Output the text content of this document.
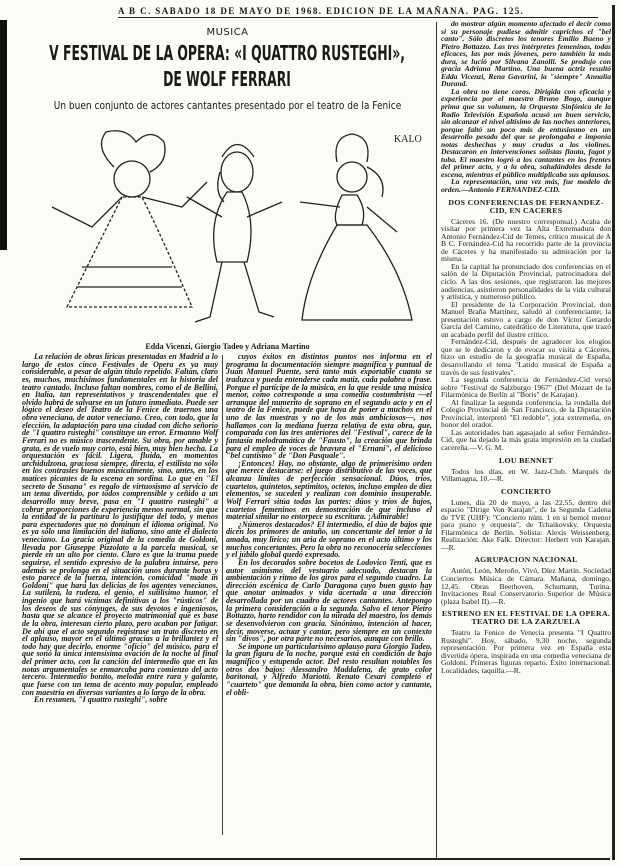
A B C. SABADO 18 DE MAYO DE 1968. EDICION DE LA MAÑANA. PAG. 125.
MUSICA
V FESTIVAL DE LA OPERA: «I QUATTRO RUSTEGHI»,
DE WOLF FERRARI
Un buen conjunto de actores cantantes presentado por el teatro de la Fenice
KALO
Edda Vicenzi, Giorgio Tadeo y Adriana Martino

La relación de obras líricas presentadas en Madrid a lo largo de estos cinco Festivales de Opera es ya muy considerable, a pesar de algún título repetido. Faltan, claro es, muchos, muchísimos fundamentales en la historia del teatro cantado. Incluso faltan nombres, como el de Bellini, en Italia, tan representativos y trascendentales que el olvido habrá de salvarse en un futuro inmediato. Puede ser lógico el deseo del Teatro de la Fenice de traernos una obra veneciana, de autor veneciano. Creo, con todo, que la elección, la adaptación para una ciudad con dicho señorío de "I quattro rusteghi" constituye un error. Ermanno Wolf Ferrari no es músico trascendente. Su obra, por amable y grata, es de vuelo muy corto, está bien, muy bien hecha. La orquestación es fácil. Ligera, fluida, en momentos archidulzona, graciosa siempre, directa, el estilista no sólo en los contrastes buenos musicalmente, sino, antes, en los matices picantes de la escena en sordina. Lo que en "El secreto de Susana" es regalo de virtuosismo al servicio de un tema divertido, por todos comprensible y ceñido a un desarrollo muy breve, pasa en "I quattro rusteghi" a cobrar proporciones de experiencia menos normal, sin que la entidad de la partitura lo justifique del todo, y menos para espectadores que no dominan el idioma original. No es ya sólo una limitación del italiano, sino ante el dialecto veneciano. La gracia original de la comedia de Goldoni, llevada por Giuseppe Pizzolato a la parcela musical, se pierde en un alto por ciento. Claro es que la trama puede seguirse, el sentido expresivo de la palabra intuirse, pero además se prolonga en el situación unos durante horas y esto parece de la fuerza, intención, comicidad "made in Goldoni" que hará las delicias de los agentes venecianos. La sutileza, la rudeza, el genio, el sutilísimo humor, el ingenio que hará víctimas definitivas a los "rústicos" de los deseos de sus cónyuges, de sus devotos e ingeniosos, hasta que se alcance el proyecto matrimonial que es base de la obra, interesan cierto plazo, pero acaban por fatigar. De ahí que el acto segundo registrase un trato discreto en el aplauso, mayor en el último gracias a la brillantez y el todo hay que decirlo, enorme "oficio" del músico, para el que sonó la única intensísima ovación de la noche al final del primer acto, con la canción del intermedio que en las notas argumentales se enmarcaba para comienzo del acto tercero. Intermedio bonito, melodía entre rara y galante, que fuese con un tema de acento muy popular, empleado con maestría en diversas variantes a lo largo de la obra.

En resumen, "I quattro rusteghi", sobre

cuyos éxitos en distintos puntos nos informa en el programa la documentación siempre magnífica y puntual de Juan Manuel Puente, será tanto más exportable cuanto se traduzca y pueda entenderse cada matiz, cada palabra o frase. Porque el partícipe de la música, en la que reside una música menor, como corresponde a una comedia costumbrista —el arranque del numerito de soprano en el segundo acto y en el teatro de la Fenice, puede que haya de poner a muchos en el uno de las nuestras y no de los más ambiciosos—, nos hallamos con la mediana fuerza relativa de esta obra, que, comparada con las tres anteriores del "Festival", carece de la fantasía melodramática de "Fausto", la creación que brinda para el empleo de voces de bravura el "Ernani", el delicioso "bel cantismo" de "Don Pasquale".

¡Entonces! Hay, no obstante, algo de primerísimo orden que merece destacarse: el juego distributivo de las voces, que alcanza límites de perfección sensacional. Dúos, tríos, cuartetos, quintetos, septimitos, octetos, incluso empleo de diez elementos, se suceden y realizan con dominio insuperable. Wolf Ferrari sitúa todas las partes: dúos y tríos de bajos, cuartetos femeninos en demostración de que incluso el material similar no entorpece su escritura. ¡Admirable!

¿Números destacados? El intermedio, el dúo de bajos que dicen los primores de antaño, un concertante del tenor a la amada, muy lírico; un aria de soprano en el acto último y los muchos concertantes. Pero la obra no reconocería selecciones y el júbilo global quedó expresado.

En los decorados sobre bocetos de Lodovico Tenti, que es autor asimismo del vestuario adecuado, destacan la ambientación y ritmo de los giros para el segundo cuadro. La dirección escénica de Carlo Daragona cuyo buen gusto hay que anotar animados y vida acertada a una dirección desarrollada por un cuadro de actores cantantes. Antepongo la primera consideración a la segunda. Salvo el tenor Pietro Bottazzo, harto rendidor con la mirada del maestro, los demás se desenvolvieron con gracia. Sinónimo, intención al hacer, decir, moverse, actuar y cantar, pero siempre en un contexto sin "divos", por otra parte no necesarios, aunque con brillo.

Se impone un particularísimo aplauso para Giorgio Tadeo, la gran figura de la noche, porque está en condición de bajo magnífico y estupendo actor. Del resto resultan notables los otros dos bajos: Alessandro Maddalena, de grato color baritonal, y Alfredo Mariotti. Renato Cesari completó el "cuarteto" que demanda la obra, bien como actor y cantante, el obli-

do mostrar algún momento afectado el decir como si su personaje pudiese admitir caprichos el "bel canto". Sólo discretos los tenores Emilio Bueno y Pietro Bottazzo. Las tres intérpretes femeninas, todas eficaces, las por más jóvenes, pero también la más dura, se lució por Silvana Zanolli. Se produjo con gracia Adriana Martino. Una buena actriz resultó Edda Vicenzi, Rena Gavarini, la "siempre" Annalia Durand.

La obra no tiene coros. Dirigida con eficacia y experiencia por el maestro Bruno Bogo, aunque prima que su volumen, la Orquesta Sinfónica de la Radio Televisión Española acusó un buen servicio, sin alcanzar el nivel altísimo de las noches anteriores, porque faltó un poco más de entusiasmo en un desarrollo pesado del que se prolongaba e imponía notas deshechas y muy crudas a los violines. Destacaron en intervenciones solistas flauta, fagot y tuba. El maestro logró a los cantantes en los frentes del primer acto, y a la obra, saludándoles desde la escena, mientras el público multiplicaba sus aplausos.

La representación, una vez más, fue modelo de orden.—Antonio FERNANDEZ-CID.

DOS CONFERENCIAS DE FERNANDEZ-CID, EN CACERES

Cáceres 16. (De nuestro corresponsal.) Acaba de visitar por primera vez la Alta Extremadura don Antonio Fernández-Cid de Temes, crítico musical de A B C. Fernández-Cid ha recorrido parte de la provincia de Cáceres y ha manifestado su admiración por la misma.

En la capital ha pronunciado dos conferencias en el salón de la Diputación Provincial, patrocinadora del ciclo. A las dos sesiones, que registraron las mejores audiencias, asistieron personalidades de la vida cultural y artística, y numeroso público.

El presidente de la Corporación Provincial, don Manuel Braña Martínez, saludó al conferenciante; la presentación estuvo a cargo de don Víctor Gerardo García del Camino, catedrático de Literatura, que trazó un acabado perfil del ilustre crítico.

Fernández-Cid, después de agradecer los elogios que se le dedicaron y de evocar su visita a Cáceres, hizo un estudio de la geografía musical de España, desarrollando el tema "Latido musical de España a través de sus festivales".

La segunda conferencia de Fernández-Cid versó sobre "Festival de Salzburgo 1967" (Del Mozart de la Filarmónica de Berlín al "Boris" de Karajan).

Al finalizar la segunda conferencia, la rondalla del Colegio Provincial de San Francisco, de la Diputación Provincial, interpretó "El redoble", jota extremeña, en honor del orador.

Las autoridades han agasajado al señor Fernández-Cid, que ha dejado la más grata impresión en la ciudad cacereña.—V. G. M.

LOU BENNET

Todos los días, en W. Jazz-Club. Marqués de Villamagna, 10.—R.

CONCIERTO

Lunes, día 20 de mayo, a las 22,55, dentro del espacio "Dirige Von Karajan", de la Segunda Cadena de TVE (UHF): "Concierto núm. 1 en si bemol menor para piano y orquesta", de Tchaikovsky. Orquesta Filarmónica de Berlín. Solista: Alexis Weissenberg. Realización: Ake Falk. Director: Herbert von Karajan.—R.

AGRUPACION NACIONAL

Autón, León, Meroño, Vivó, Díez Martín. Sociedad Conciertos Música de Cámara. Mañana, domingo, 12,45. Obras Beethoven, Schumann, Turina. Invitaciones Real Conservatorio Superior de Música (plaza Isabel II).—R.

ESTRENO EN EL FESTIVAL DE LA OPERA. TEATRO DE LA ZARZUELA

Teatro la Fenice de Venecia presenta "I Quattro Rusteghi". Hoy, sábado, 9,30 noche, segunda representación. Por primera vez en España esta divertida ópera, inspirada en una comedia veneciana de Goldoni. Primeras figuras reparto. Éxito internacional. Localidades, taquilla.—R.
